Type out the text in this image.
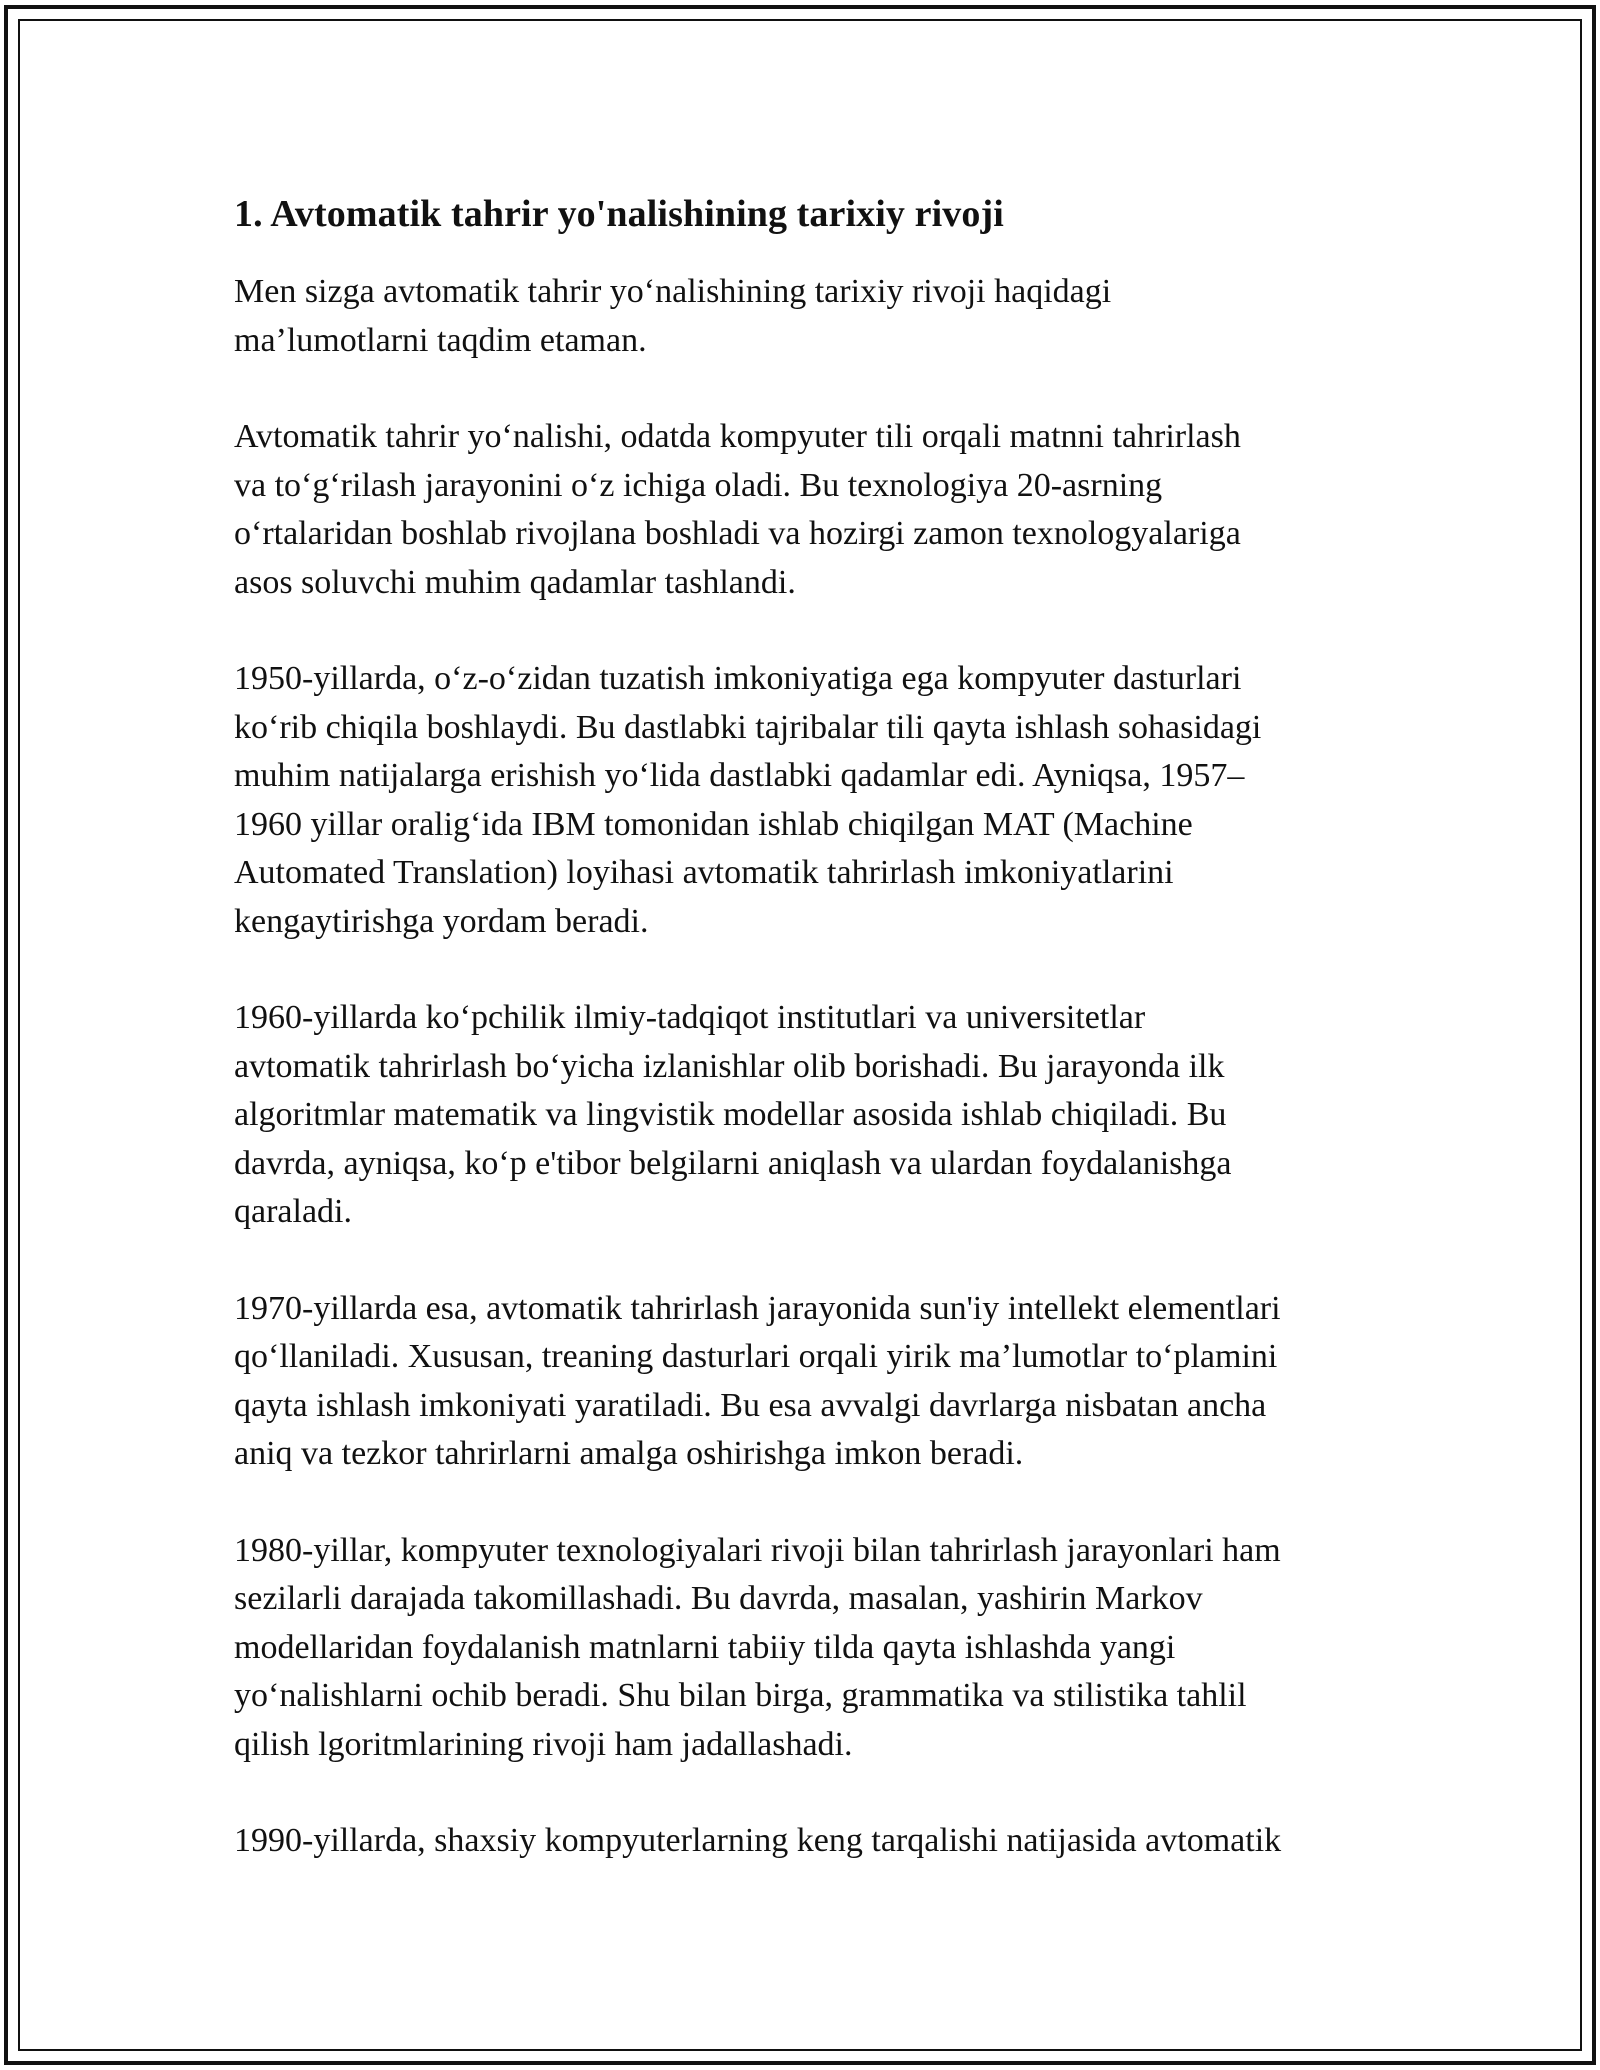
1. Avtomatik tahrir yo'nalishining tarixiy rivoji

Men sizga avtomatik tahrir yo‘nalishining tarixiy rivoji haqidagi
ma’lumotlarni taqdim etaman.

Avtomatik tahrir yo‘nalishi, odatda kompyuter tili orqali matnni tahrirlash
va to‘g‘rilash jarayonini o‘z ichiga oladi. Bu texnologiya 20-asrning
o‘rtalaridan boshlab rivojlana boshladi va hozirgi zamon texnologyalariga
asos soluvchi muhim qadamlar tashlandi.

1950-yillarda, o‘z-o‘zidan tuzatish imkoniyatiga ega kompyuter dasturlari
ko‘rib chiqila boshlaydi. Bu dastlabki tajribalar tili qayta ishlash sohasidagi
muhim natijalarga erishish yo‘lida dastlabki qadamlar edi. Ayniqsa, 1957–
1960 yillar oralig‘ida IBM tomonidan ishlab chiqilgan MAT (Machine
Automated Translation) loyihasi avtomatik tahrirlash imkoniyatlarini
kengaytirishga yordam beradi.

1960-yillarda ko‘pchilik ilmiy-tadqiqot institutlari va universitetlar
avtomatik tahrirlash bo‘yicha izlanishlar olib borishadi. Bu jarayonda ilk
algoritmlar matematik va lingvistik modellar asosida ishlab chiqiladi. Bu
davrda, ayniqsa, ko‘p e'tibor belgilarni aniqlash va ulardan foydalanishga
qaraladi.

1970-yillarda esa, avtomatik tahrirlash jarayonida sun'iy intellekt elementlari
qo‘llaniladi. Xususan, treaning dasturlari orqali yirik ma’lumotlar to‘plamini
qayta ishlash imkoniyati yaratiladi. Bu esa avvalgi davrlarga nisbatan ancha
aniq va tezkor tahrirlarni amalga oshirishga imkon beradi.

1980-yillar, kompyuter texnologiyalari rivoji bilan tahrirlash jarayonlari ham
sezilarli darajada takomillashadi. Bu davrda, masalan, yashirin Markov
modellaridan foydalanish matnlarni tabiiy tilda qayta ishlashda yangi
yo‘nalishlarni ochib beradi. Shu bilan birga, grammatika va stilistika tahlil
qilish lgoritmlarining rivoji ham jadallashadi.

1990-yillarda, shaxsiy kompyuterlarning keng tarqalishi natijasida avtomatik
